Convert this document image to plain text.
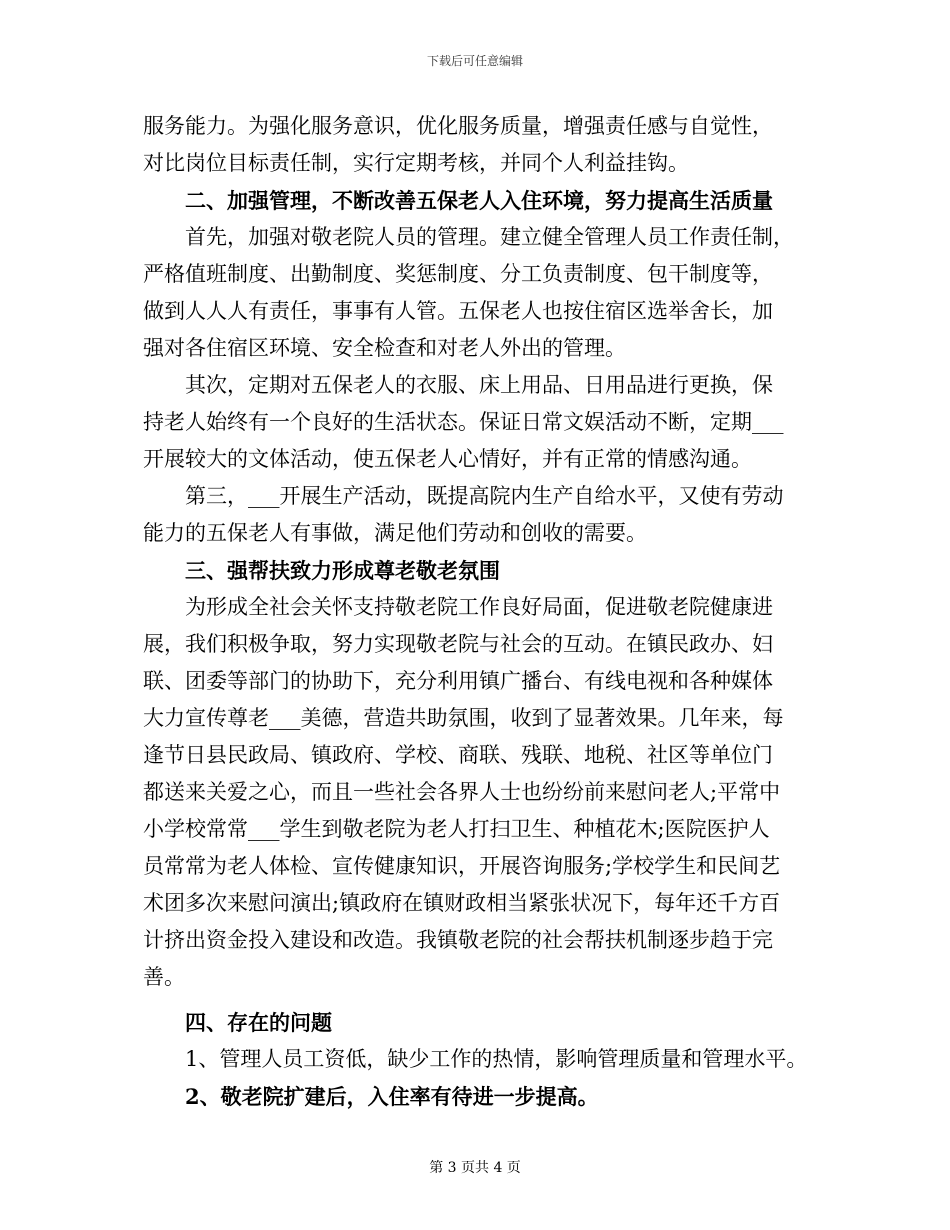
下载后可任意编辑
服务能力。为强化服务意识，优化服务质量，增强责任感与自觉性，
对比岗位目标责任制，实行定期考核，并同个人利益挂钩。
二、加强管理，不断改善五保老人入住环境，努力提高生活质量
首先，加强对敬老院人员的管理。建立健全管理人员工作责任制，
严格值班制度、出勤制度、奖惩制度、分工负责制度、包干制度等，
做到人人人有责任，事事有人管。五保老人也按住宿区选举舍长，加
强对各住宿区环境、安全检查和对老人外出的管理。
其次，定期对五保老人的衣服、床上用品、日用品进行更换，保
持老人始终有一个良好的生活状态。保证日常文娱活动不断，定期___
开展较大的文体活动，使五保老人心情好，并有正常的情感沟通。
第三，___开展生产活动，既提高院内生产自给水平，又使有劳动
能力的五保老人有事做，满足他们劳动和创收的需要。
三、强帮扶致力形成尊老敬老氛围
为形成全社会关怀支持敬老院工作良好局面，促进敬老院健康进
展，我们积极争取，努力实现敬老院与社会的互动。在镇民政办、妇
联、团委等部门的协助下，充分利用镇广播台、有线电视和各种媒体
大力宣传尊老___美德，营造共助氛围，收到了显著效果。几年来，每
逢节日县民政局、镇政府、学校、商联、残联、地税、社区等单位门
都送来关爱之心，而且一些社会各界人士也纷纷前来慰问老人;平常中
小学校常常___学生到敬老院为老人打扫卫生、种植花木;医院医护人
员常常为老人体检、宣传健康知识，开展咨询服务;学校学生和民间艺
术团多次来慰问演出;镇政府在镇财政相当紧张状况下，每年还千方百
计挤出资金投入建设和改造。我镇敬老院的社会帮扶机制逐步趋于完
善。
四、存在的问题
1、管理人员工资低，缺少工作的热情，影响管理质量和管理水平。
2、敬老院扩建后，入住率有待进一步提高。
第 3 页共 4 页
